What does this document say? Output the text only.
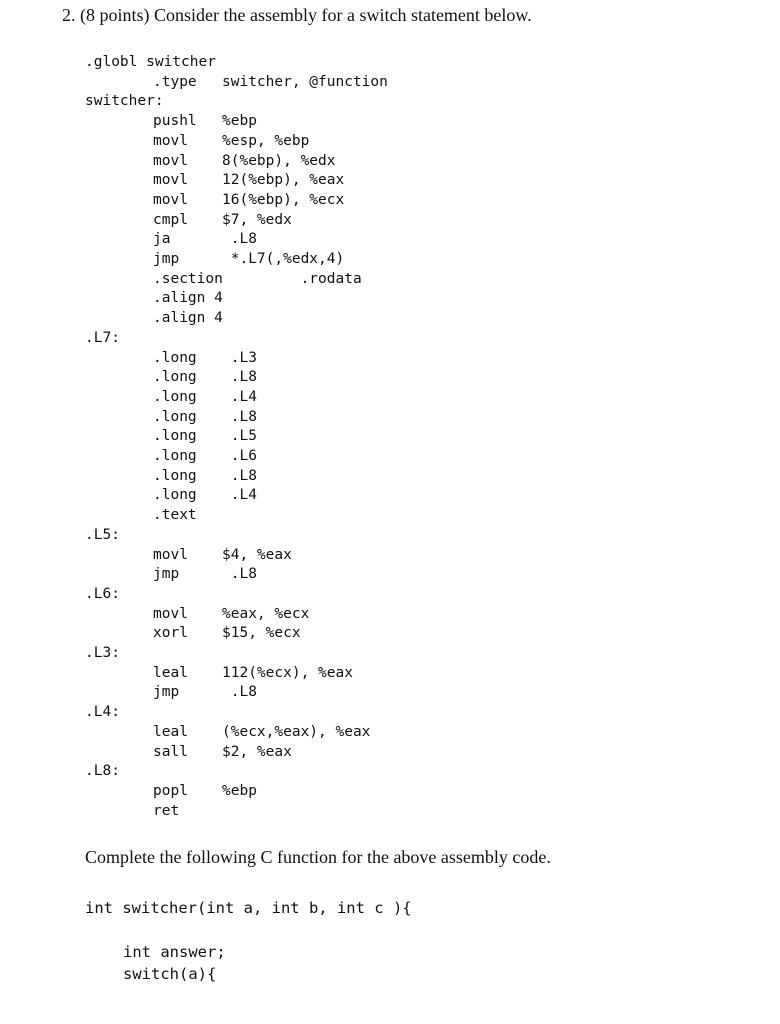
2. (8 points) Consider the assembly for a switch statement below.
.globl switcher
.type switcher, @function
switcher:
pushl %ebp
movl %esp, %ebp
movl 8(%ebp), %edx
movl 12(%ebp), %eax
movl 16(%ebp), %ecx
cmpl $7, %edx
ja	.L8
jmp	*.L7(,%edx,4)
.section .rodata
.align 4
.align 4
.L7:
.long .L3
.long .L8
.long .L4
.long .L8
.long .L5
.long .L6
.long .L8
.long .L4
.text
.L5:
movl $4, %eax
jmp	.L8
.L6:
movl %eax, %ecx
xorl $15, %ecx
.L3:
leal 112(%ecx), %eax
jmp	.L8
.L4:
leal (%ecx,%eax), %eax
sall $2, %eax
.L8:
popl %ebp
ret
Complete the following C function for the above assembly code.
int switcher(int a, int b, int c ){
int answer;
switch(a){
